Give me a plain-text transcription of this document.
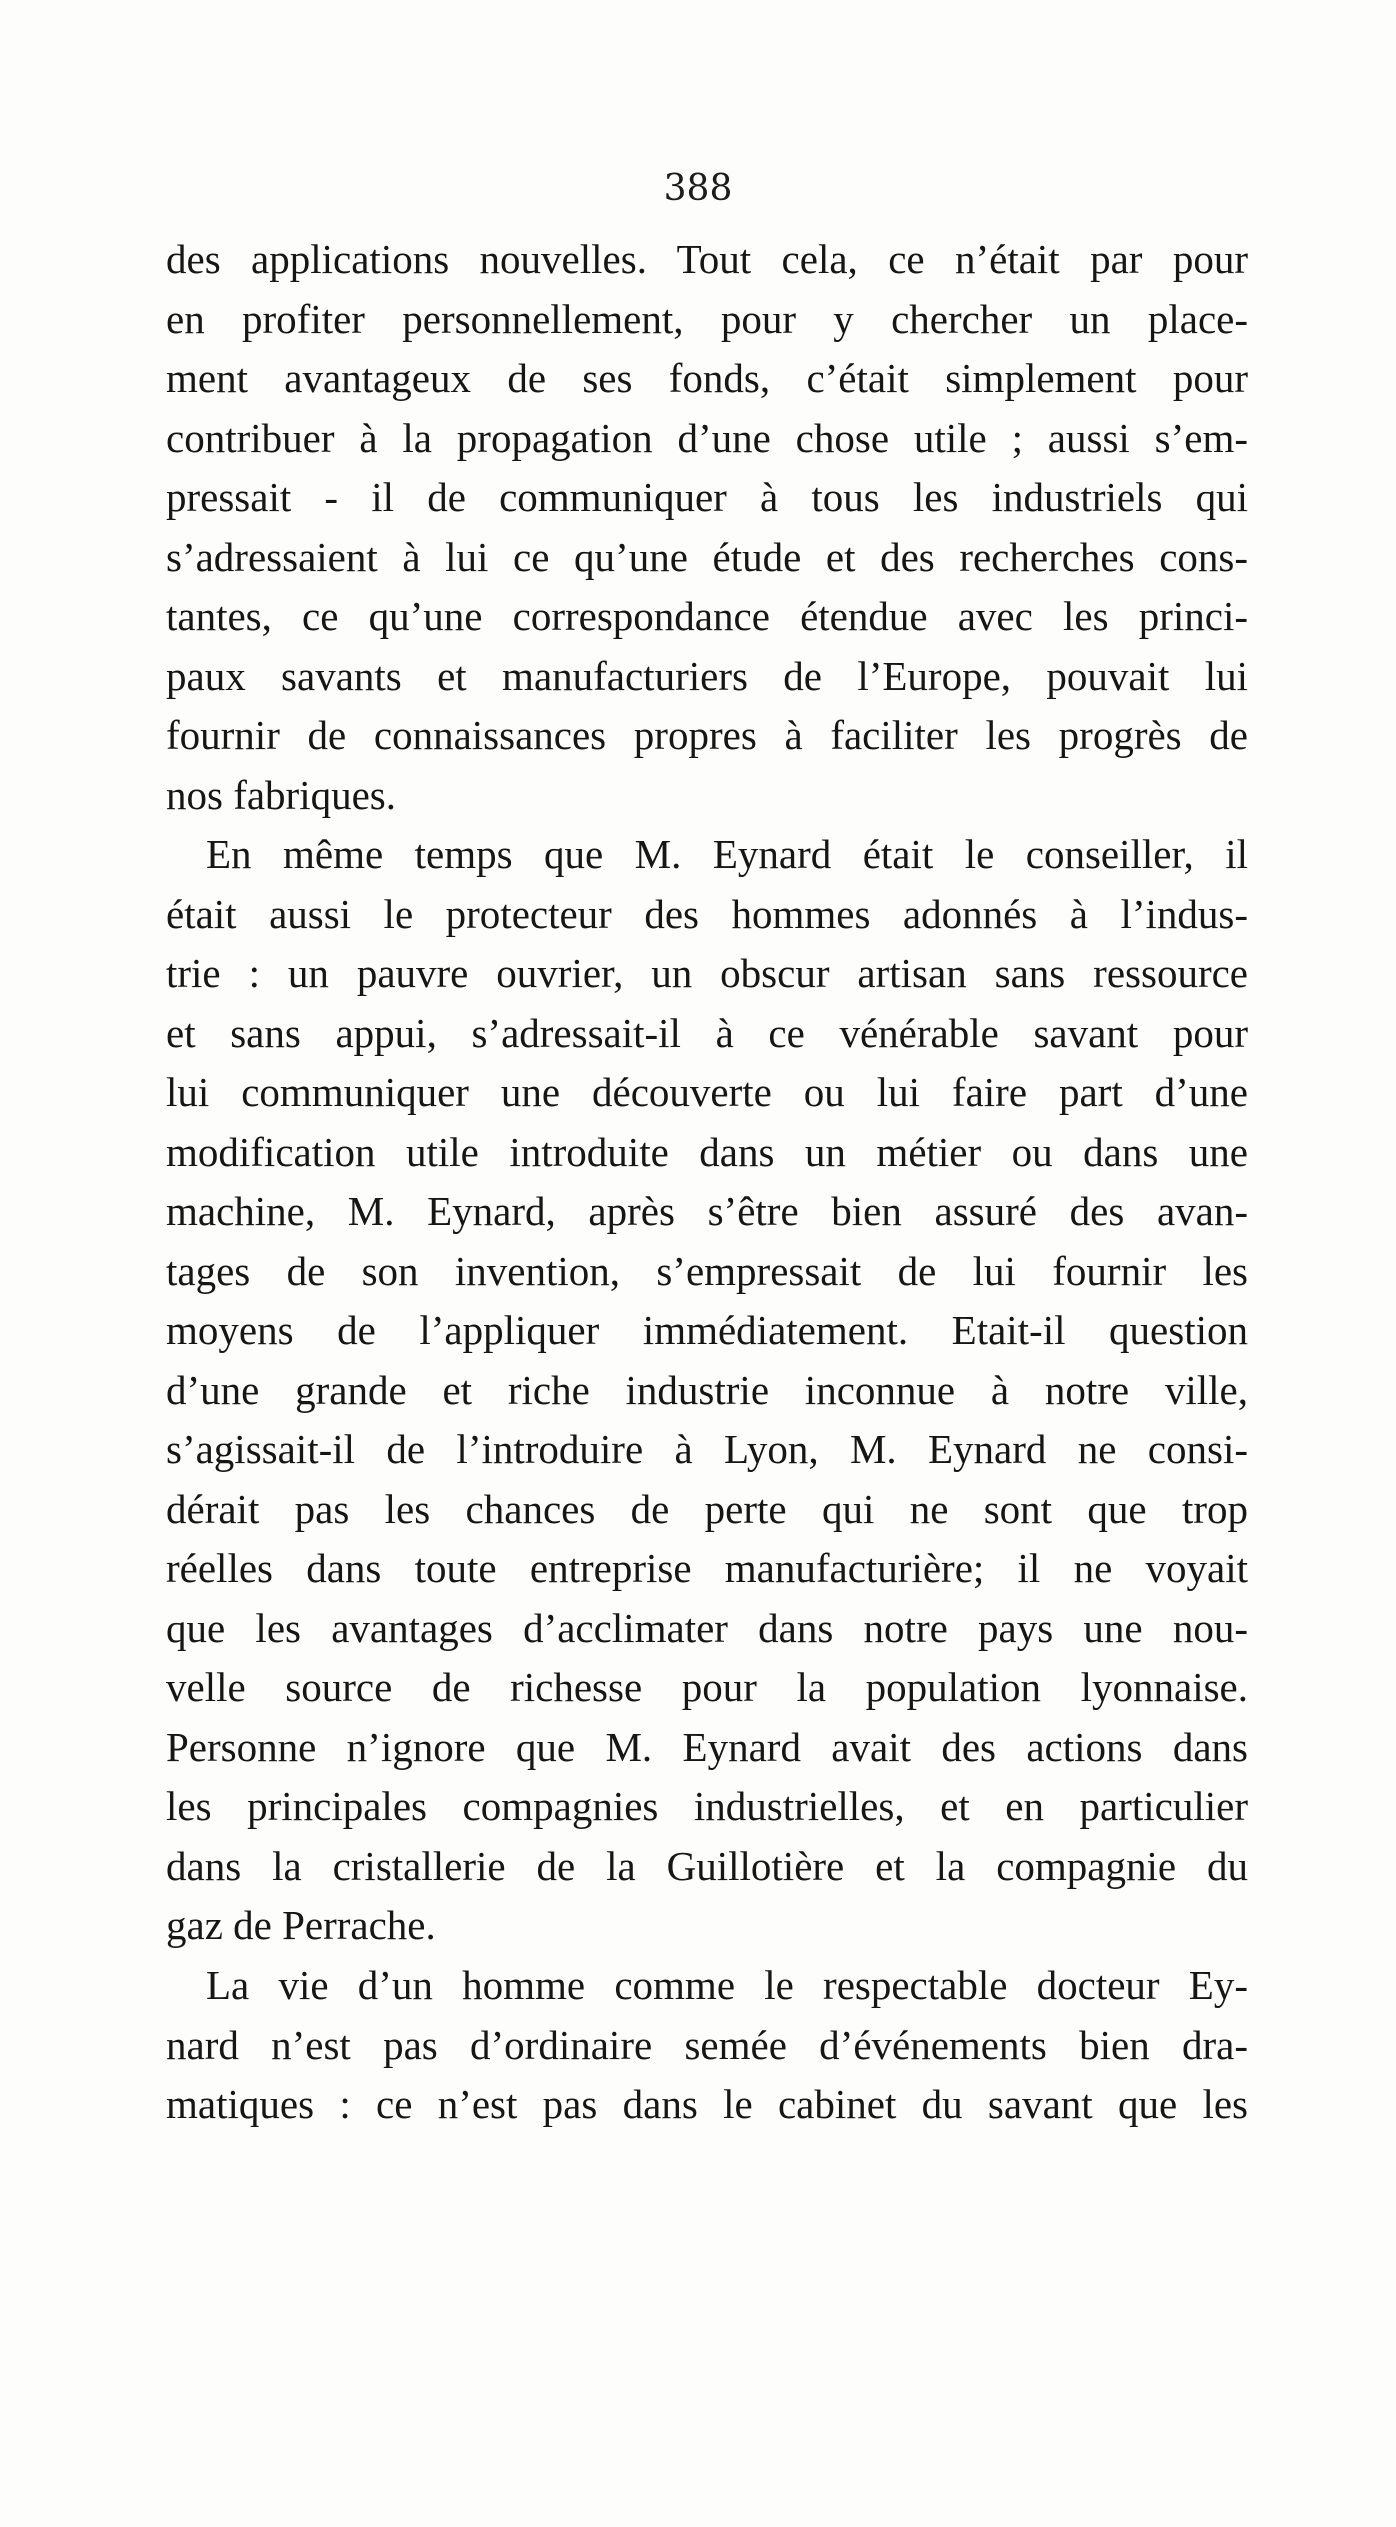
388
des applications nouvelles. Tout cela, ce n’était par pour
en profiter personnellement, pour y chercher un place-
ment avantageux de ses fonds, c’était simplement pour
contribuer à la propagation d’une chose utile ; aussi s’em-
pressait - il de communiquer à tous les industriels qui
s’adressaient à lui ce qu’une étude et des recherches cons-
tantes, ce qu’une correspondance étendue avec les princi-
paux savants et manufacturiers de l’Europe, pouvait lui
fournir de connaissances propres à faciliter les progrès de
nos fabriques.
En même temps que M. Eynard était le conseiller, il
était aussi le protecteur des hommes adonnés à l’indus-
trie : un pauvre ouvrier, un obscur artisan sans ressource
et sans appui, s’adressait-il à ce vénérable savant pour
lui communiquer une découverte ou lui faire part d’une
modification utile introduite dans un métier ou dans une
machine, M. Eynard, après s’être bien assuré des avan-
tages de son invention, s’empressait de lui fournir les
moyens de l’appliquer immédiatement. Etait-il question
d’une grande et riche industrie inconnue à notre ville,
s’agissait-il de l’introduire à Lyon, M. Eynard ne consi-
dérait pas les chances de perte qui ne sont que trop
réelles dans toute entreprise manufacturière; il ne voyait
que les avantages d’acclimater dans notre pays une nou-
velle source de richesse pour la population lyonnaise.
Personne n’ignore que M. Eynard avait des actions dans
les principales compagnies industrielles, et en particulier
dans la cristallerie de la Guillotière et la compagnie du
gaz de Perrache.
La vie d’un homme comme le respectable docteur Ey-
nard n’est pas d’ordinaire semée d’événements bien dra-
matiques : ce n’est pas dans le cabinet du savant que les
